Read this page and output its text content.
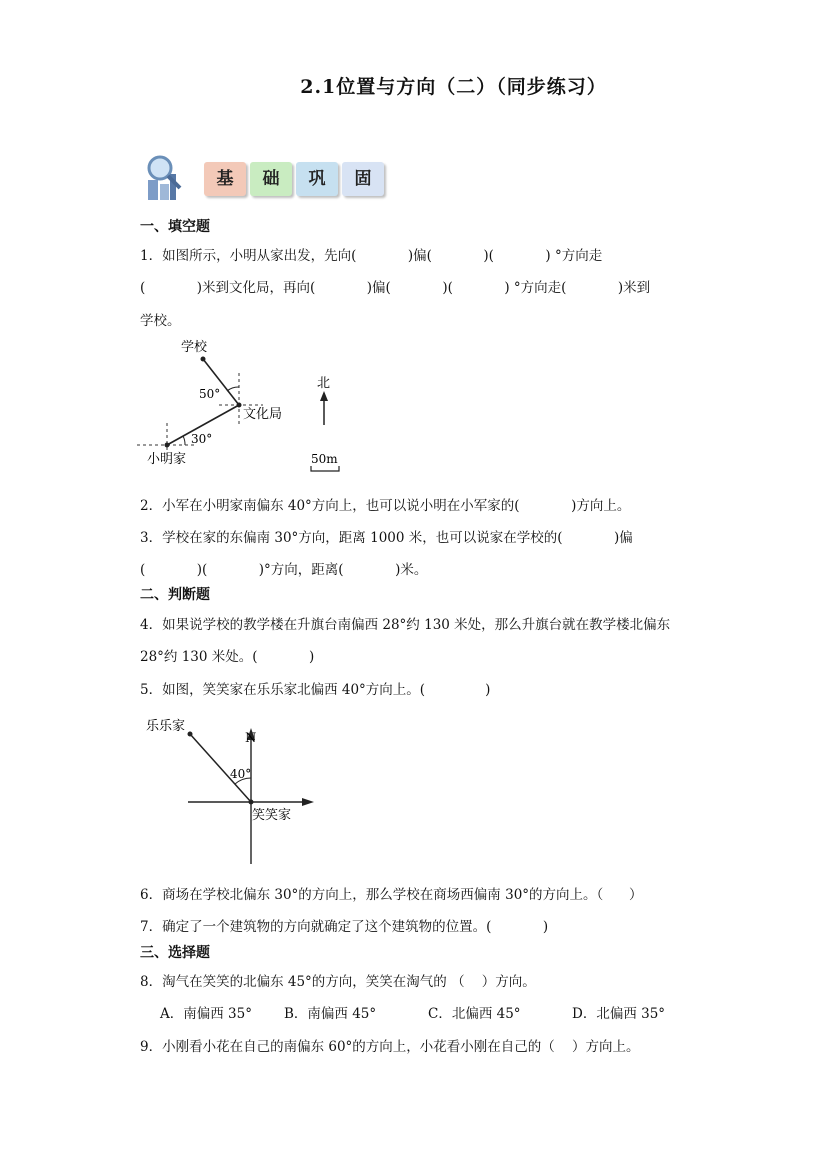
2.1位置与方向（二）（同步练习）
基	础	巩	固
一、填空题
1．如图所示，小明从家出发，先向(            )偏(            )(            ) °方向走
(            )米到文化局，再向(            )偏(            )(            ) °方向走(            )米到
学校。
学校
文化局
小明家
50°
30°
北
50m
2．小军在小明家南偏东 40°方向上，也可以说小明在小军家的(            )方向上。
3．学校在家的东偏南 30°方向，距离 1000 米，也可以说家在学校的(            )偏
(            )(            )°方向，距离(            )米。
二、判断题
4．如果说学校的教学楼在升旗台南偏西 28°约 130 米处，那么升旗台就在教学楼北偏东
28°约 130 米处。(            )
5．如图，笑笑家在乐乐家北偏西 40°方向上。(              )
乐乐家
N
40°
笑笑家
6．商场在学校北偏东 30°的方向上，那么学校在商场西偏南 30°的方向上。（      ）
7．确定了一个建筑物的方向就确定了这个建筑物的位置。(            )
三、选择题
8．淘气在笑笑的北偏东 45°的方向，笑笑在淘气的 （    ）方向。
A．南偏西 35° B．南偏西 45°	C．北偏西 45°	D．北偏西 35°
9．小刚看小花在自己的南偏东 60°的方向上，小花看小刚在自己的（    ）方向上。
